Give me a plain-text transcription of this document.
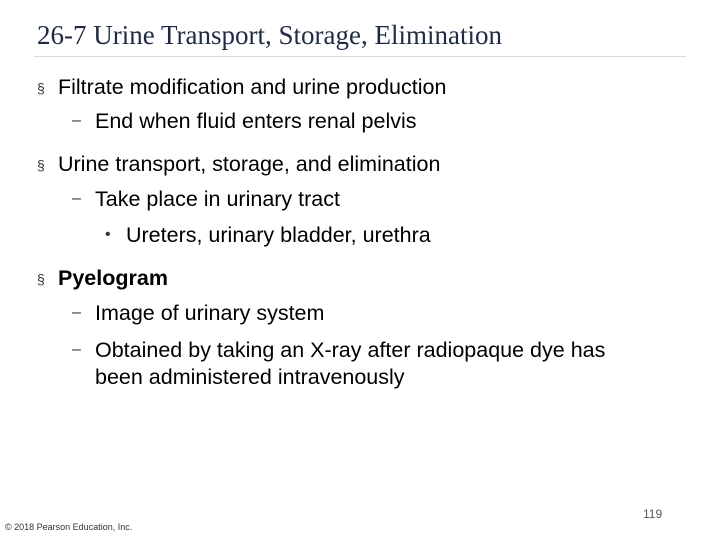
26-7 Urine Transport, Storage, Elimination
§ Filtrate modification and urine production
– End when fluid enters renal pelvis
§ Urine transport, storage, and elimination
– Take place in urinary tract
• Ureters, urinary bladder, urethra
§ Pyelogram
– Image of urinary system
– Obtained by taking an X-ray after radiopaque dye has
been administered intravenously
119
© 2018 Pearson Education, Inc.
